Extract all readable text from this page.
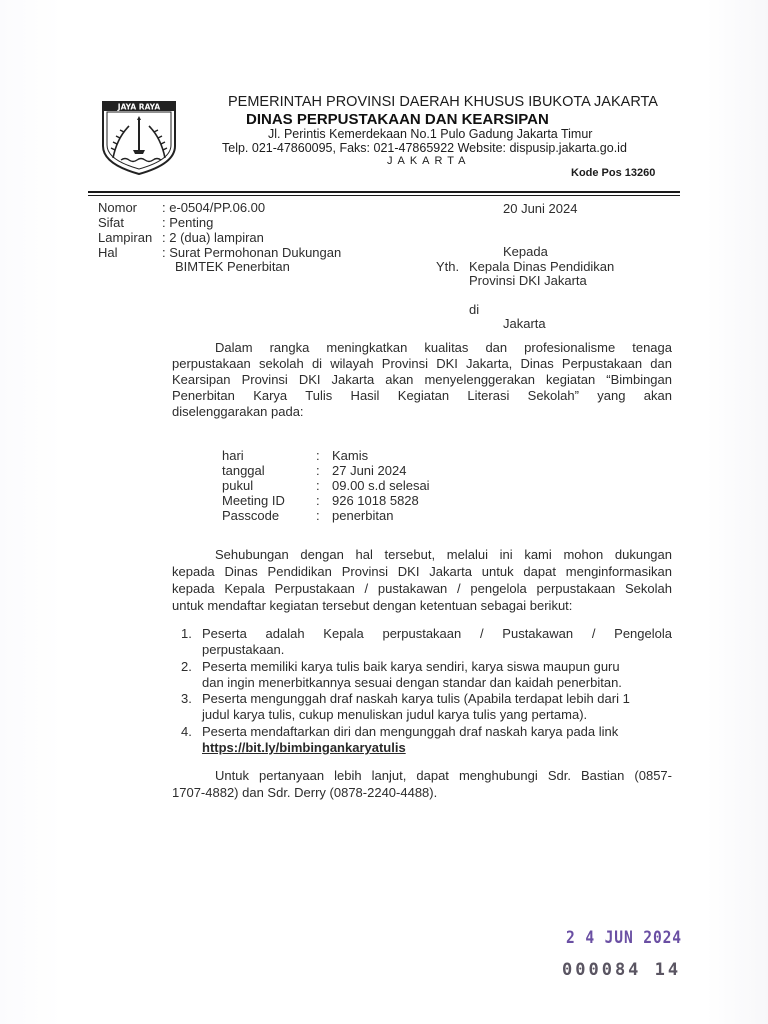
JAYA RAYA	PEMERINTAH PROVINSI DAERAH KHUSUS IBUKOTA JAKARTA
DINAS PERPUSTAKAAN DAN KEARSIPAN
Jl. Perintis Kemerdekaan No.1 Pulo Gadung Jakarta Timur
Telp. 021-47860095, Faks: 021-47865922 Website: dispusip.jakarta.go.id
JAKARTA
Kode Pos 13260
Nomor : e-0504/PP.06.00
Sifat	: Penting
Lampiran : 2 (dua) lampiran
Hal	: Surat Permohonan Dukungan
BIMTEK Penerbitan
20 Juni 2024
Kepada
Yth. Kepala Dinas Pendidikan
Provinsi DKI Jakarta
di
Jakarta
Dalam rangka meningkatkan kualitas dan profesionalisme tenaga
perpustakaan sekolah di wilayah Provinsi DKI Jakarta, Dinas Perpustakaan dan
Kearsipan Provinsi DKI Jakarta akan menyelenggerakan kegiatan “Bimbingan
Penerbitan Karya Tulis Hasil Kegiatan Literasi Sekolah” yang akan
diselenggarakan pada:
hari	: Kamis
tanggal	: 27 Juni 2024
pukul	: 09.00 s.d selesai
Meeting ID : 926 1018 5828
Passcode	: penerbitan
Sehubungan dengan hal tersebut, melalui ini kami mohon dukungan
kepada Dinas Pendidikan Provinsi DKI Jakarta untuk dapat menginformasikan
kepada Kepala Perpustakaan / pustakawan / pengelola perpustakaan Sekolah
untuk mendaftar kegiatan tersebut dengan ketentuan sebagai berikut:
1. Peserta adalah Kepala perpustakaan / Pustakawan / Pengelola
perpustakaan.
2. Peserta memiliki karya tulis baik karya sendiri, karya siswa maupun guru
dan ingin menerbitkannya sesuai dengan standar dan kaidah penerbitan.
3. Peserta mengunggah draf naskah karya tulis (Apabila terdapat lebih dari 1
judul karya tulis, cukup menuliskan judul karya tulis yang pertama).
4. Peserta mendaftarkan diri dan mengunggah draf naskah karya pada link
https://bit.ly/bimbingankaryatulis
Untuk pertanyaan lebih lanjut, dapat menghubungi Sdr. Bastian (0857-
1707-4882) dan Sdr. Derry (0878-2240-4488).
2 4 JUN 2024
000084 14
